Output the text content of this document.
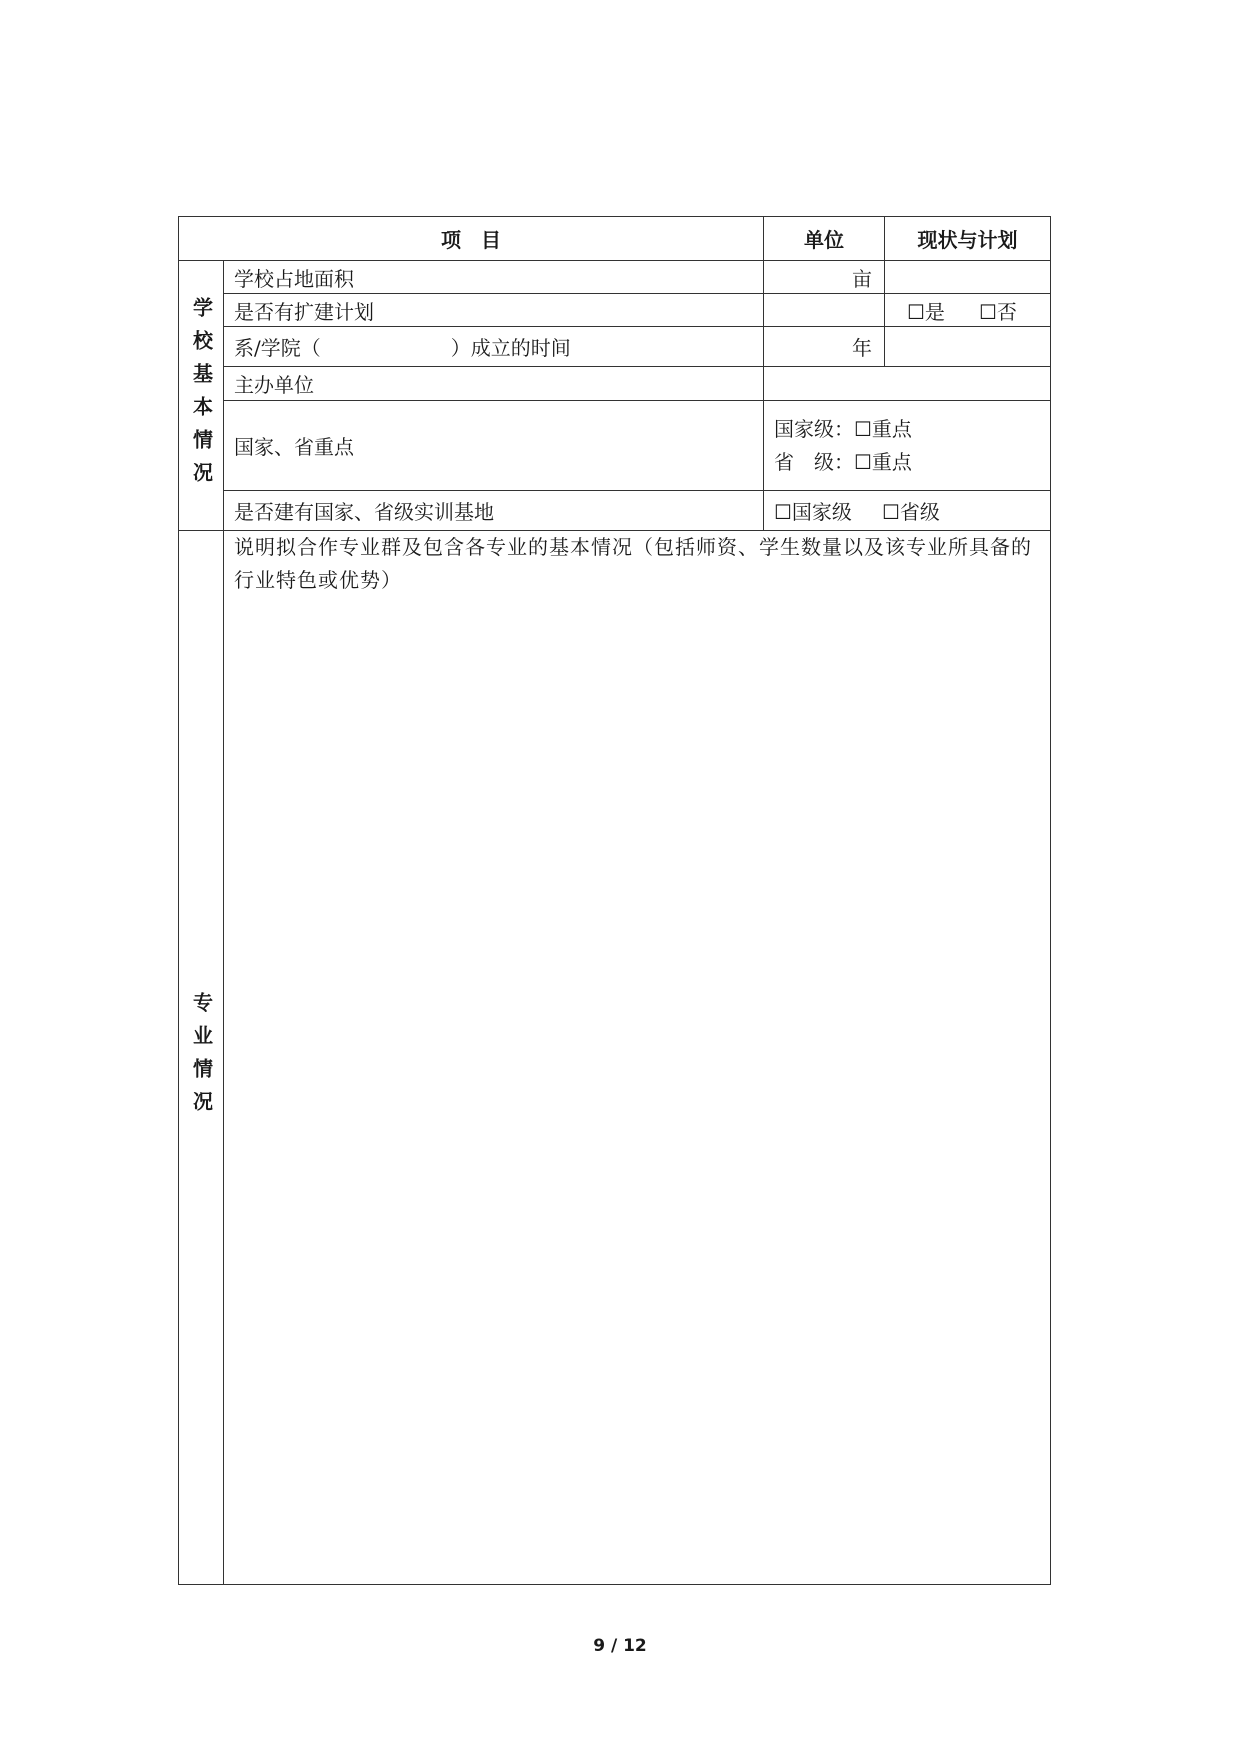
项　目		单位	现状与计划

学校基本情况	学校占地面积	亩	
	是否有扩建计划		☐是 ☐否
	系/学院（ ）成立的时间	年	
	主办单位		
	国家、省重点	国家级：☐重点
省　级：☐重点	

	是否建有国家、省级实训基地	☐国家级 ☐省级	

专业情况	说明拟合作专业群及包含各专业的基本情况（包括师资、学生数量以及该专业所具备的行业特色或优势）		
9 / 12
